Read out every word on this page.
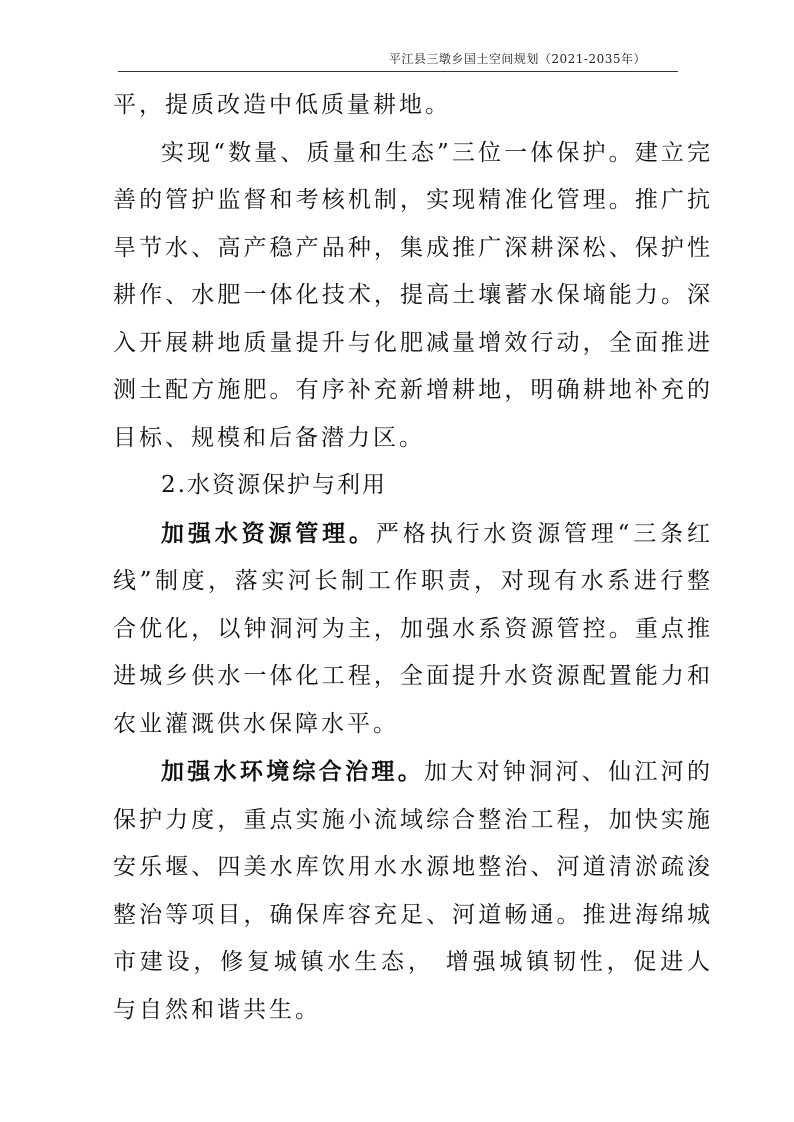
平江县三墩乡国土空间规划（2021-2035年）

平，提质改造中低质量耕地。

实现“数量、质量和生态”三位一体保护。建立完善的管护监督和考核机制，实现精准化管理。推广抗旱节水、高产稳产品种，集成推广深耕深松、保护性耕作、水肥一体化技术，提高土壤蓄水保墒能力。深入开展耕地质量提升与化肥减量增效行动，全面推进测土配方施肥。有序补充新增耕地，明确耕地补充的目标、规模和后备潜力区。

2.水资源保护与利用

加强水资源管理。严格执行水资源管理“三条红线”制度，落实河长制工作职责，对现有水系进行整合优化，以钟洞河为主，加强水系资源管控。重点推进城乡供水一体化工程，全面提升水资源配置能力和农业灌溉供水保障水平。

加强水环境综合治理。加大对钟洞河、仙江河的保护力度，重点实施小流域综合整治工程，加快实施安乐堰、四美水库饮用水水源地整治、河道清淤疏浚整治等项目，确保库容充足、河道畅通。推进海绵城市建设，修复城镇水生态， 增强城镇韧性，促进人与自然和谐共生。
